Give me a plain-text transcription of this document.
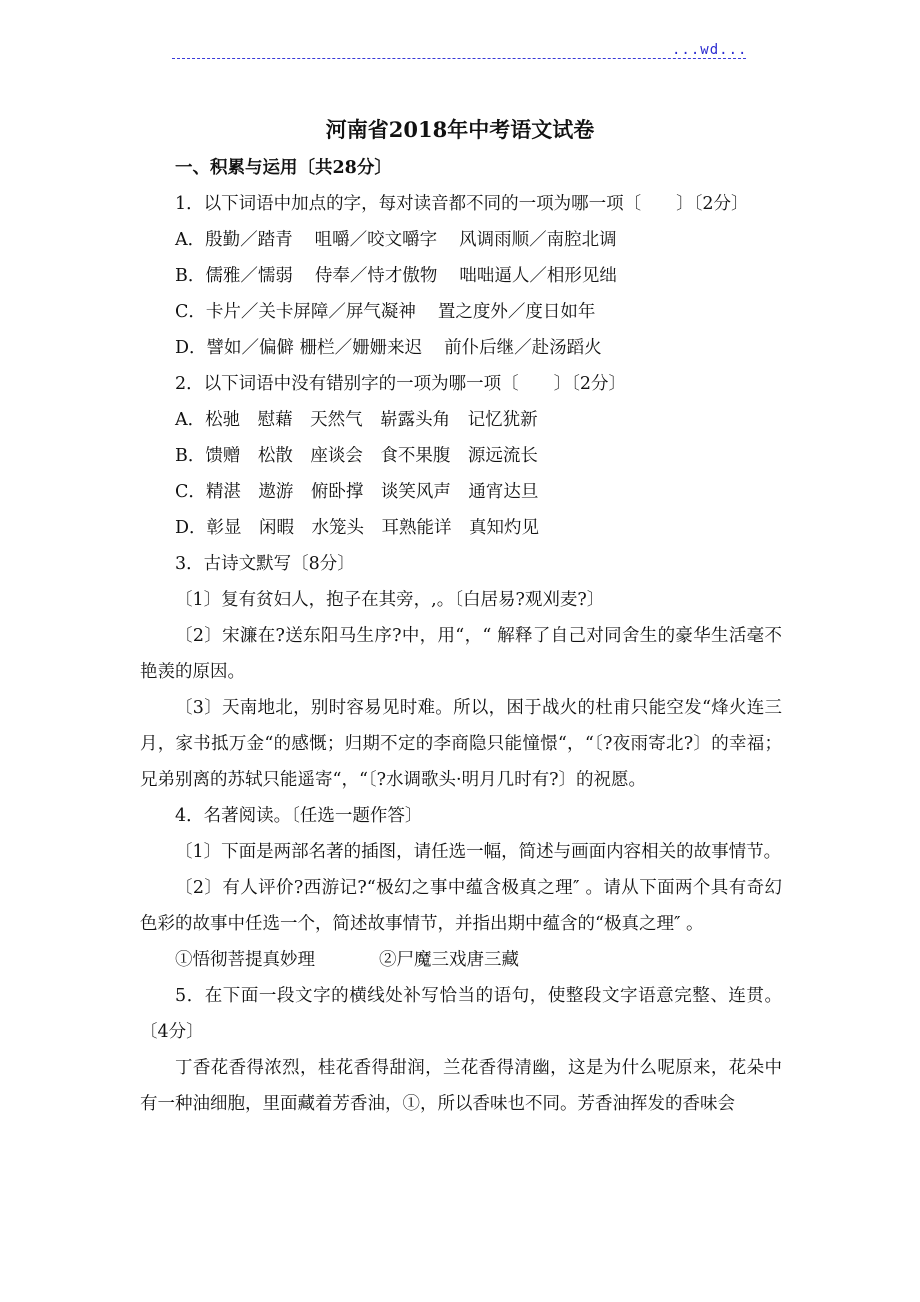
...wd...
河南省2018年中考语文试卷
一、积累与运用〔共28分〕
1．以下词语中加点的字，每对读音都不同的一项为哪一项〔　　〕〔2分〕
A．殷勤／踏青 咀嚼／咬文嚼字 风调雨顺／南腔北调
B．儒雅／懦弱 侍奉／恃才傲物 咄咄逼人／相形见绌
C．卡片／关卡屏障／屏气凝神 置之度外／度日如年
D．譬如／偏僻 栅栏／姗姗来迟 前仆后继／赴汤蹈火
2．以下词语中没有错别字的一项为哪一项〔　　〕〔2分〕
A．松驰　 慰藉　 天然气　 崭露头角　 记忆犹新
B．馈赠　 松散　 座谈会　 食不果腹　 源远流长
C．精湛　 遨游　 俯卧撑　 谈笑风声　 通宵达旦
D．彰显　 闲暇　 水笼头　 耳熟能详　 真知灼见
3．古诗文默写〔8分〕
〔1〕复有贫妇人，抱子在其旁，,。〔白居易?观刈麦?〕
〔2〕宋濂在?送东阳马生序?中，用“，“ 解释了自己对同舍生的豪华生活毫不艳羡的原因。
〔3〕天南地北，别时容易见时难。所以，困于战火的杜甫只能空发“烽火连三月，家书抵万金“的感慨；归期不定的李商隐只能憧憬“，“〔?夜雨寄北?〕的幸福；兄弟别离的苏轼只能遥寄“，“〔?水调歌头·明月几时有?〕的祝愿。
4．名著阅读。〔任选一题作答〕
〔1〕下面是两部名著的插图，请任选一幅，简述与画面内容相关的故事情节。
〔2〕有人评价?西游记?“极幻之事中蕴含极真之理″ 。请从下面两个具有奇幻色彩的故事中任选一个，简述故事情节，并指出期中蕴含的“极真之理″ 。
①悟彻菩提真妙理	②尸魔三戏唐三藏
5．在下面一段文字的横线处补写恰当的语句，使整段文字语意完整、连贯。〔4分〕
丁香花香得浓烈，桂花香得甜润，兰花香得清幽，这是为什么呢原来，花朵中有一种油细胞，里面藏着芳香油，①，所以香味也不同。芳香油挥发的香味会
